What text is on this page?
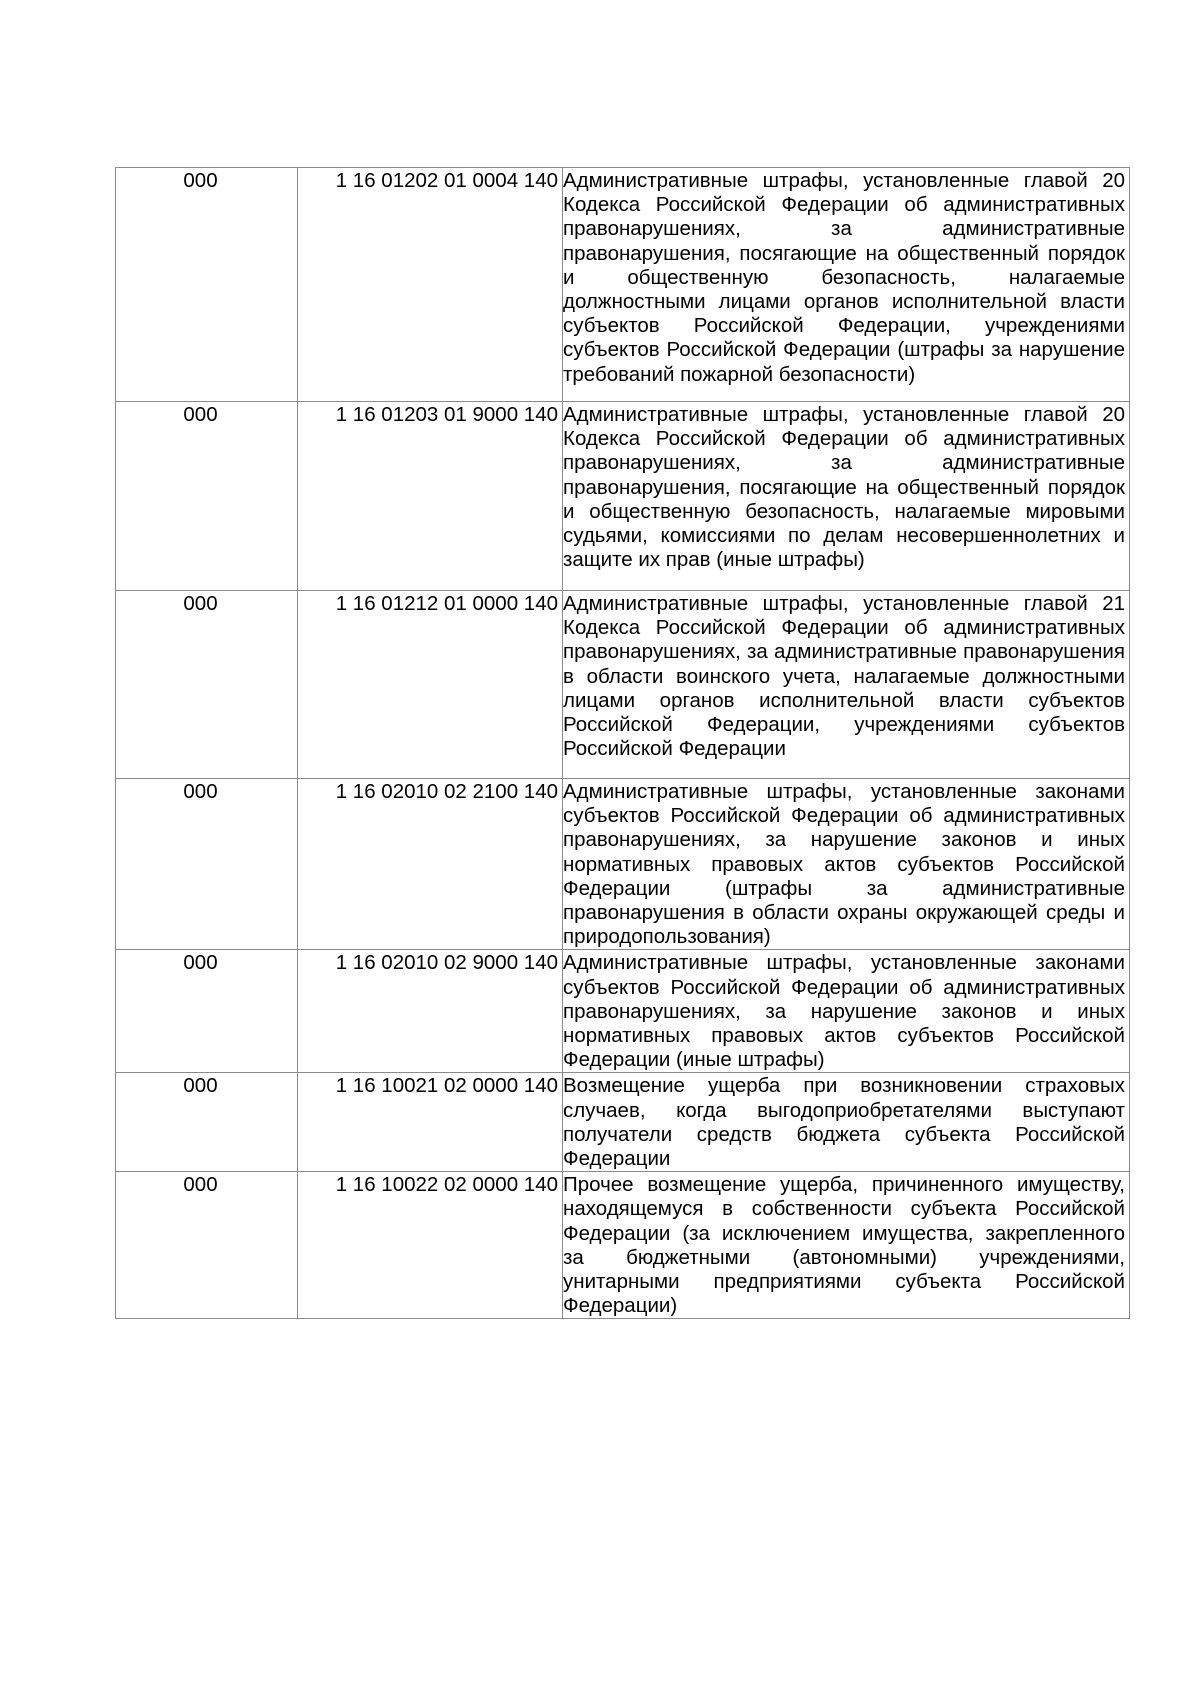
000	1 16 01202 01 0004 140	Административные штрафы, установленные главой 20 Кодекса Российской Федерации об административных правонарушениях, за административные правонарушения, посягающие на общественный порядок и общественную безопасность, налагаемые должностными лицами органов исполнительной власти субъектов Российской Федерации, учреждениями субъектов Российской Федерации (штрафы за нарушение требований пожарной безопасности)

000	1 16 01203 01 9000 140	Административные штрафы, установленные главой 20 Кодекса Российской Федерации об административных правонарушениях, за административные правонарушения, посягающие на общественный порядок и общественную безопасность, налагаемые мировыми судьями, комиссиями по делам несовершеннолетних и защите их прав (иные штрафы)

000	1 16 01212 01 0000 140	Административные штрафы, установленные главой 21 Кодекса Российской Федерации об административных правонарушениях, за административные правонарушения в области воинского учета, налагаемые должностными лицами органов исполнительной власти субъектов Российской Федерации, учреждениями субъектов Российской Федерации

000	1 16 02010 02 2100 140	Административные штрафы, установленные законами субъектов Российской Федерации об административных правонарушениях, за нарушение законов и иных нормативных правовых актов субъектов Российской Федерации (штрафы за административные правонарушения в области охраны окружающей среды и природопользования)

000	1 16 02010 02 9000 140	Административные штрафы, установленные законами субъектов Российской Федерации об административных правонарушениях, за нарушение законов и иных нормативных правовых актов субъектов Российской Федерации (иные штрафы)

000	1 16 10021 02 0000 140	Возмещение ущерба при возникновении страховых случаев, когда выгодоприобретателями выступают получатели средств бюджета субъекта Российской Федерации

000	1 16 10022 02 0000 140	Прочее возмещение ущерба, причиненного имуществу, находящемуся в собственности субъекта Российской Федерации (за исключением имущества, закрепленного за бюджетными (автономными) учреждениями, унитарными предприятиями субъекта Российской Федерации)
